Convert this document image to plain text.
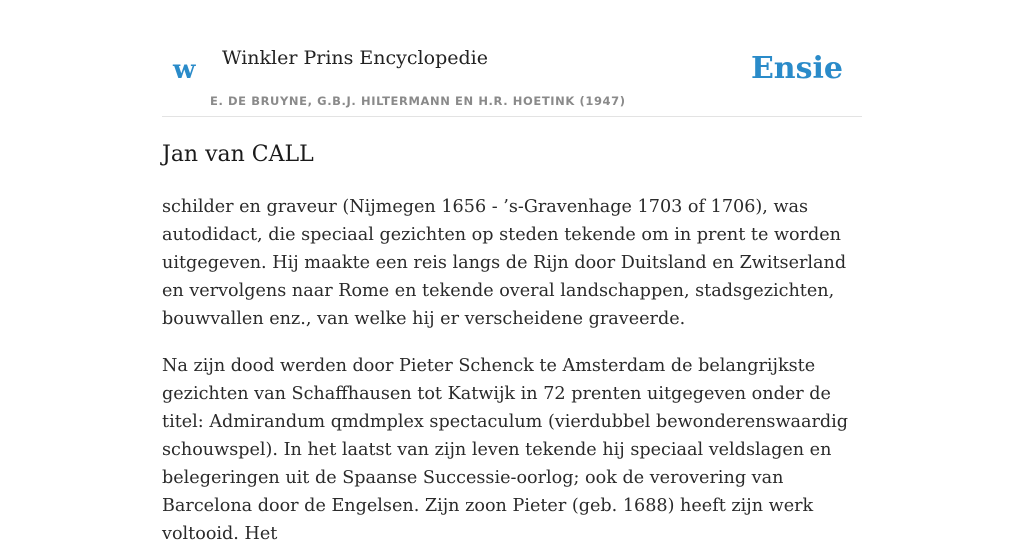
w Winkler Prins Encyclopedie
E. DE BRUYNE, G.B.J. HILTERMANN EN H.R. HOETINK (1947)
Ensie
Jan van CALL

schilder en graveur (Nijmegen 1656 - ’s-Gravenhage 1703 of 1706), was autodidact, die speciaal gezichten op steden tekende om in prent te worden uitgegeven. Hij maakte een reis langs de Rijn door Duitsland en Zwitserland en vervolgens naar Rome en tekende overal landschappen, stadsgezichten, bouwvallen enz., van welke hij er verscheidene graveerde.

Na zijn dood werden door Pieter Schenck te Amsterdam de belangrijkste gezichten van Schaffhausen tot Katwijk in 72 prenten uitgegeven onder de titel: Admirandum qmdmplex spectaculum (vierdubbel bewonderenswaardig schouwspel). In het laatst van zijn leven tekende hij speciaal veldslagen en belegeringen uit de Spaanse Successie-oorlog; ook de verovering van Barcelona door de Engelsen. Zijn zoon Pieter (geb. 1688) heeft zijn werk voltooid. Het
